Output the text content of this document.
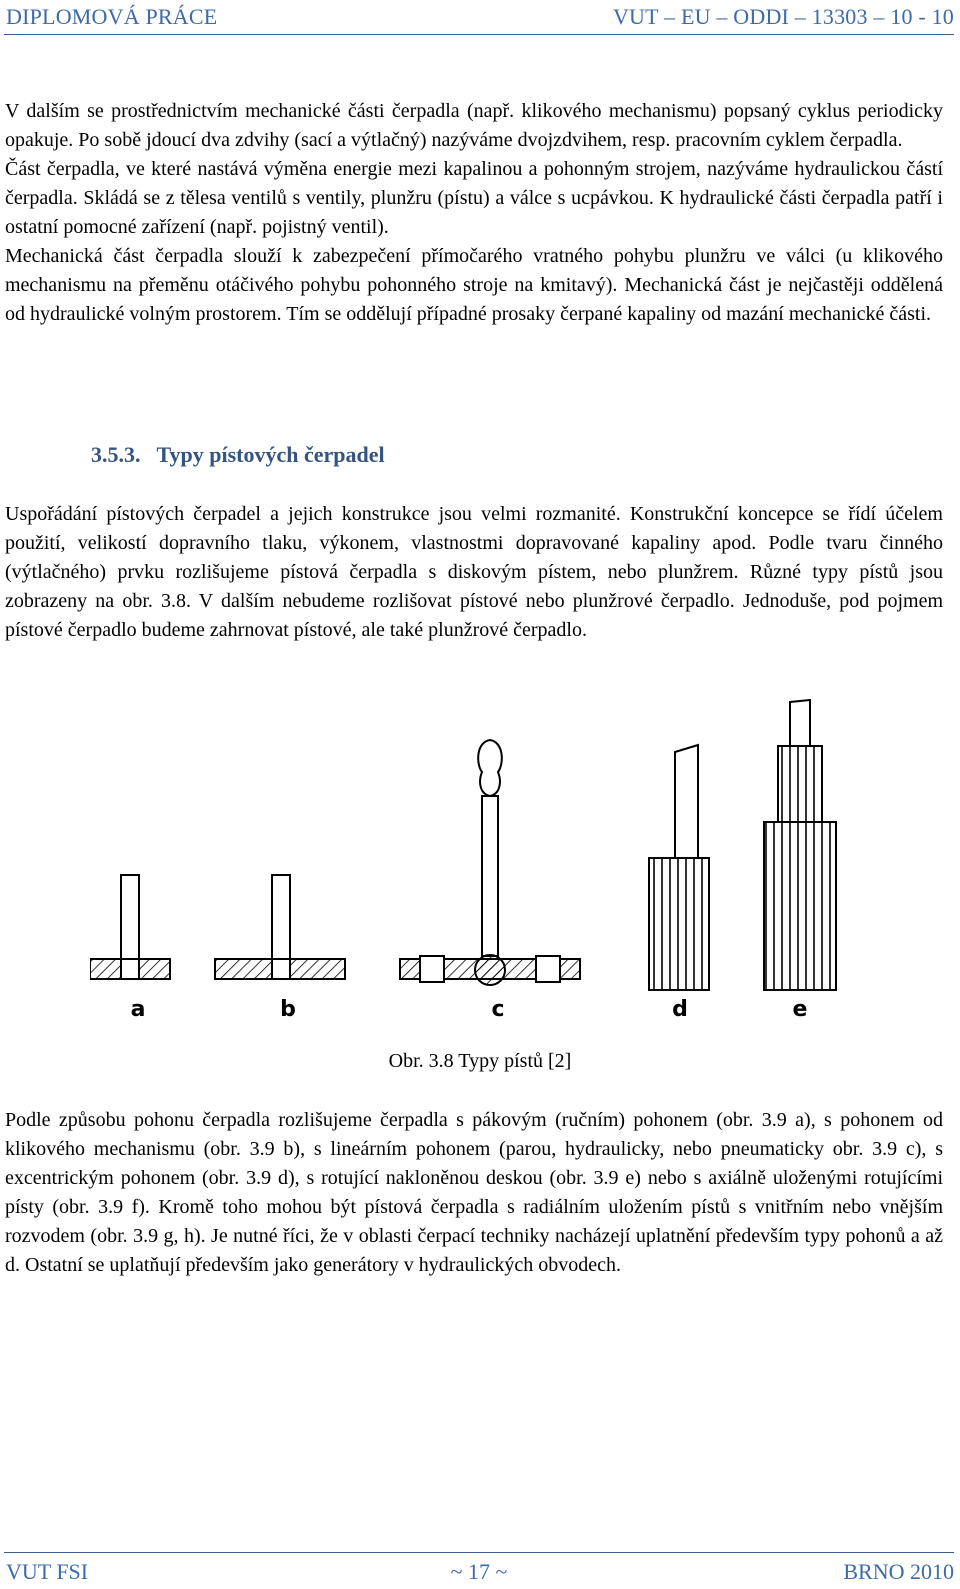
DIPLOMOVÁ PRÁCE	VUT – EU – ODDI – 13303 – 10 - 10

V dalším se prostřednictvím mechanické části čerpadla (např. klikového mechanismu) popsaný cyklus periodicky opakuje. Po sobě jdoucí dva zdvihy (sací a výtlačný) nazýváme dvojzdvihem, resp. pracovním cyklem čerpadla.

Část čerpadla, ve které nastává výměna energie mezi kapalinou a pohonným strojem, nazýváme hydraulickou částí čerpadla. Skládá se z tělesa ventilů s ventily, plunžru (pístu) a válce s ucpávkou. K hydraulické části čerpadla patří i ostatní pomocné zařízení (např. pojistný ventil).

Mechanická část čerpadla slouží k zabezpečení přímočarého vratného pohybu plunžru ve válci (u klikového mechanismu na přeměnu otáčivého pohybu pohonného stroje na kmitavý). Mechanická část je nejčastěji oddělená od hydraulické volným prostorem. Tím se oddělují případné prosaky čerpané kapaliny od mazání mechanické části.

3.5.3. Typy pístových čerpadel

Uspořádání pístových čerpadel a jejich konstrukce jsou velmi rozmanité. Konstrukční koncepce se řídí účelem použití, velikostí dopravního tlaku, výkonem, vlastnostmi dopravované kapaliny apod. Podle tvaru činného (výtlačného) prvku rozlišujeme pístová čerpadla s diskovým pístem, nebo plunžrem. Různé typy pístů jsou zobrazeny na obr. 3.8. V dalším nebudeme rozlišovat pístové nebo plunžrové čerpadlo. Jednoduše, pod pojmem pístové čerpadlo budeme zahrnovat pístové, ale také plunžrové čerpadlo.

a	b	c	d	e
Obr. 3.8 Typy pístů [2]

Podle způsobu pohonu čerpadla rozlišujeme čerpadla s pákovým (ručním) pohonem (obr. 3.9 a), s pohonem od klikového mechanismu (obr. 3.9 b), s lineárním pohonem (parou, hydraulicky, nebo pneumaticky obr. 3.9 c), s excentrickým pohonem (obr. 3.9 d), s rotující nakloněnou deskou (obr. 3.9 e) nebo s axiálně uloženými rotujícími písty (obr. 3.9 f). Kromě toho mohou být pístová čerpadla s radiálním uložením pístů s vnitřním nebo vnějším rozvodem (obr. 3.9 g, h). Je nutné říci, že v oblasti čerpací techniky nacházejí uplatnění především typy pohonů a až d. Ostatní se uplatňují především jako generátory v hydraulických obvodech.

VUT FSI	~ 17 ~	BRNO 2010
